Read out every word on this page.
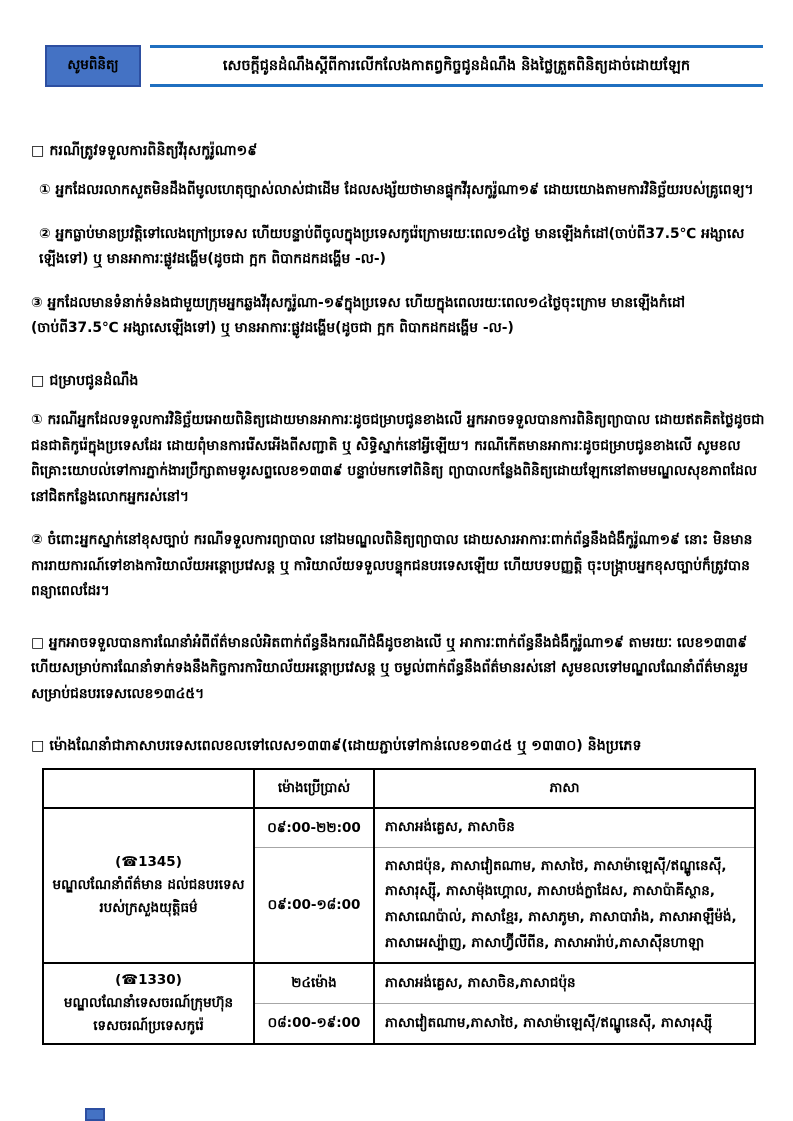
សូមពិនិត្យ	សេចក្តីជូនដំណឹងស្តីពីការលើកលែងកាតព្វកិច្ចជូនដំណឹង និងថ្លៃត្រួតពិនិត្យដាច់ដោយឡែក
□ ករណីត្រូវទទួលការពិនិត្យវីរុសកូរ៉ូណា១៩
① អ្នកដែលរលាកសួតមិនដឹងពីមូលហេតុច្បាស់លាស់ជាដើម ដែលសង្ស័យថាមានផ្ទុកវីរុសកូរ៉ូណា១៩ ដោយយោងតាមការវិនិច្ឆ័យរបស់គ្រូពេទ្យ។
② អ្នកធ្លាប់មានប្រវត្តិទៅលេងក្រៅប្រទេស ហើយបន្ទាប់ពីចូលក្នុងប្រទេសកូរ៉េក្រោមរយៈពេល១៤ថ្ងៃ មានឡើងកំដៅ(ចាប់ពី37.5℃ អង្សាសេឡើងទៅ) ឬ មានអាការៈផ្លូវដង្ហើម(ដូចជា ក្អក ពិបាកដកដង្ហើម -ល-)
③ អ្នកដែលមានទំនាក់ទំនងជាមួយក្រុមអ្នកឆ្លងវីរុសកូរ៉ូណា-១៩ក្នុងប្រទេស ហើយក្នុងពេលរយៈពេល១៤ថ្ងៃចុះក្រោម មានឡើងកំដៅ (ចាប់ពី37.5℃ អង្សាសេឡើងទៅ) ឬ មានអាការៈផ្លូវដង្ហើម(ដូចជា ក្អក ពិបាកដកដង្ហើម -ល-)
□ ជម្រាបជូនដំណឹង
① ករណីអ្នកដែលទទួលការវិនិច្ឆ័យអោយពិនិត្យដោយមានអាការៈដូចជម្រាបជូនខាងលើ អ្នកអាចទទួលបានការពិនិត្យព្យាបាល ដោយឥតគិតថ្លៃដូចជាជនជាតិកូរ៉េក្នុងប្រទេសដែរ ដោយពុំមានការរើសអើងពីសញ្ជាតិ ឬ សិទ្ធិស្នាក់នៅអ្វីឡើយ។ ករណីកើតមានអាការៈដូចជម្រាបជូនខាងលើ សូមខលពិគ្រោះយោបល់ទៅការភ្នាក់ងារប្រឹក្សាតាមទូរសព្ទលេខ១៣៣៩ បន្ទាប់មកទៅពិនិត្យ ព្យាបាលកន្លែងពិនិត្យដោយឡែកនៅតាមមណ្ឌលសុខភាពដែលនៅជិតកន្លែងលោកអ្នករស់នៅ។
② ចំពោះអ្នកស្នាក់នៅខុសច្បាប់ ករណីទទួលការព្យាបាល នៅឯមណ្ឌលពិនិត្យព្យាបាល ដោយសារអាការៈពាក់ព័ន្ធនឹងជំងឺកូរ៉ូណា១៩ នោះ មិនមានការរាយការណ៍ទៅខាងការិយាល័យអន្តោប្រវេសន្ត ឬ ការិយាល័យទទួលបន្ទុកជនបរទេសឡើយ ហើយបទបញ្ញត្តិ ចុះបង្ក្រាបអ្នកខុសច្បាប់ក៏ត្រូវបានពន្យាពេលដែរ។
□ អ្នកអាចទទួលបានការណែនាំអំពីព័ត៌មានលំអិតពាក់ព័ន្ធនឹងករណីជំងឺដូចខាងលើ ឬ អាការៈពាក់ព័ន្ធនឹងជំងឺកូរ៉ូណា១៩ តាមរយៈ លេខ១៣៣៩ ហើយសម្រាប់ការណែនាំទាក់ទងនឹងកិច្ចការការិយាល័យអន្តោប្រវេសន្ត ឬ ចម្ងល់ពាក់ព័ន្ធនឹងព័ត៌មានរស់នៅ សូមខលទៅមណ្ឌលណែនាំព័ត៌មានរួមសម្រាប់ជនបរទេសលេខ១៣៤៥។
□ ម៉ោងណែនាំជាភាសាបរទេសពេលខលទៅលេស១៣៣៩(ដោយភ្ជាប់ទៅកាន់លេខ១៣៤៥ ឬ ១៣៣០) និងប្រភេទ
	ម៉ោងប្រើប្រាស់	ភាសា

(☎1345)
មណ្ឌលណែនាំព័ត៌មាន ដល់ជនបរទេសរបស់ក្រសួងយុត្តិធម៌	០៩:00-២២:00	ភាសាអង់គ្លេស, ភាសាចិន
	០៩:00-១៨:00	ភាសាជប៉ុន, ភាសាវៀតណាម, ភាសាថៃ, ភាសាម៉ាឡេស៊ី/ឥណ្ឌូនេស៊ី, ភាសារុស្ស៊ី, ភាសាម៉ុងហ្គោល, ភាសាបង់ក្លាដែស, ភាសាប៉ាគីស្ថាន, ភាសាណេប៉ាល់, ភាសាខ្មែរ, ភាសាភូមា, ភាសាបារាំង, ភាសាអាឡឺម៉ង់, ភាសាអេស្ប៉ាញ, ភាសាហ្វ៊ីលីពីន, ភាសាអារ៉ាប់,ភាសាស៊ីនហាឡា

(☎1330)
មណ្ឌលណែនាំទេសចរណ៍ក្រុមហ៊ុន ទេសចរណ៍ប្រទេសកូរ៉េ	២៤ម៉ោង	ភាសាអង់គ្លេស, ភាសាចិន,ភាសាជប៉ុន
	០៨:00-១៩:00	ភាសាវៀតណាម,ភាសាថៃ, ភាសាម៉ាឡេស៊ី/ឥណ្ឌូនេស៊ី, ភាសារុស្ស៊ី
